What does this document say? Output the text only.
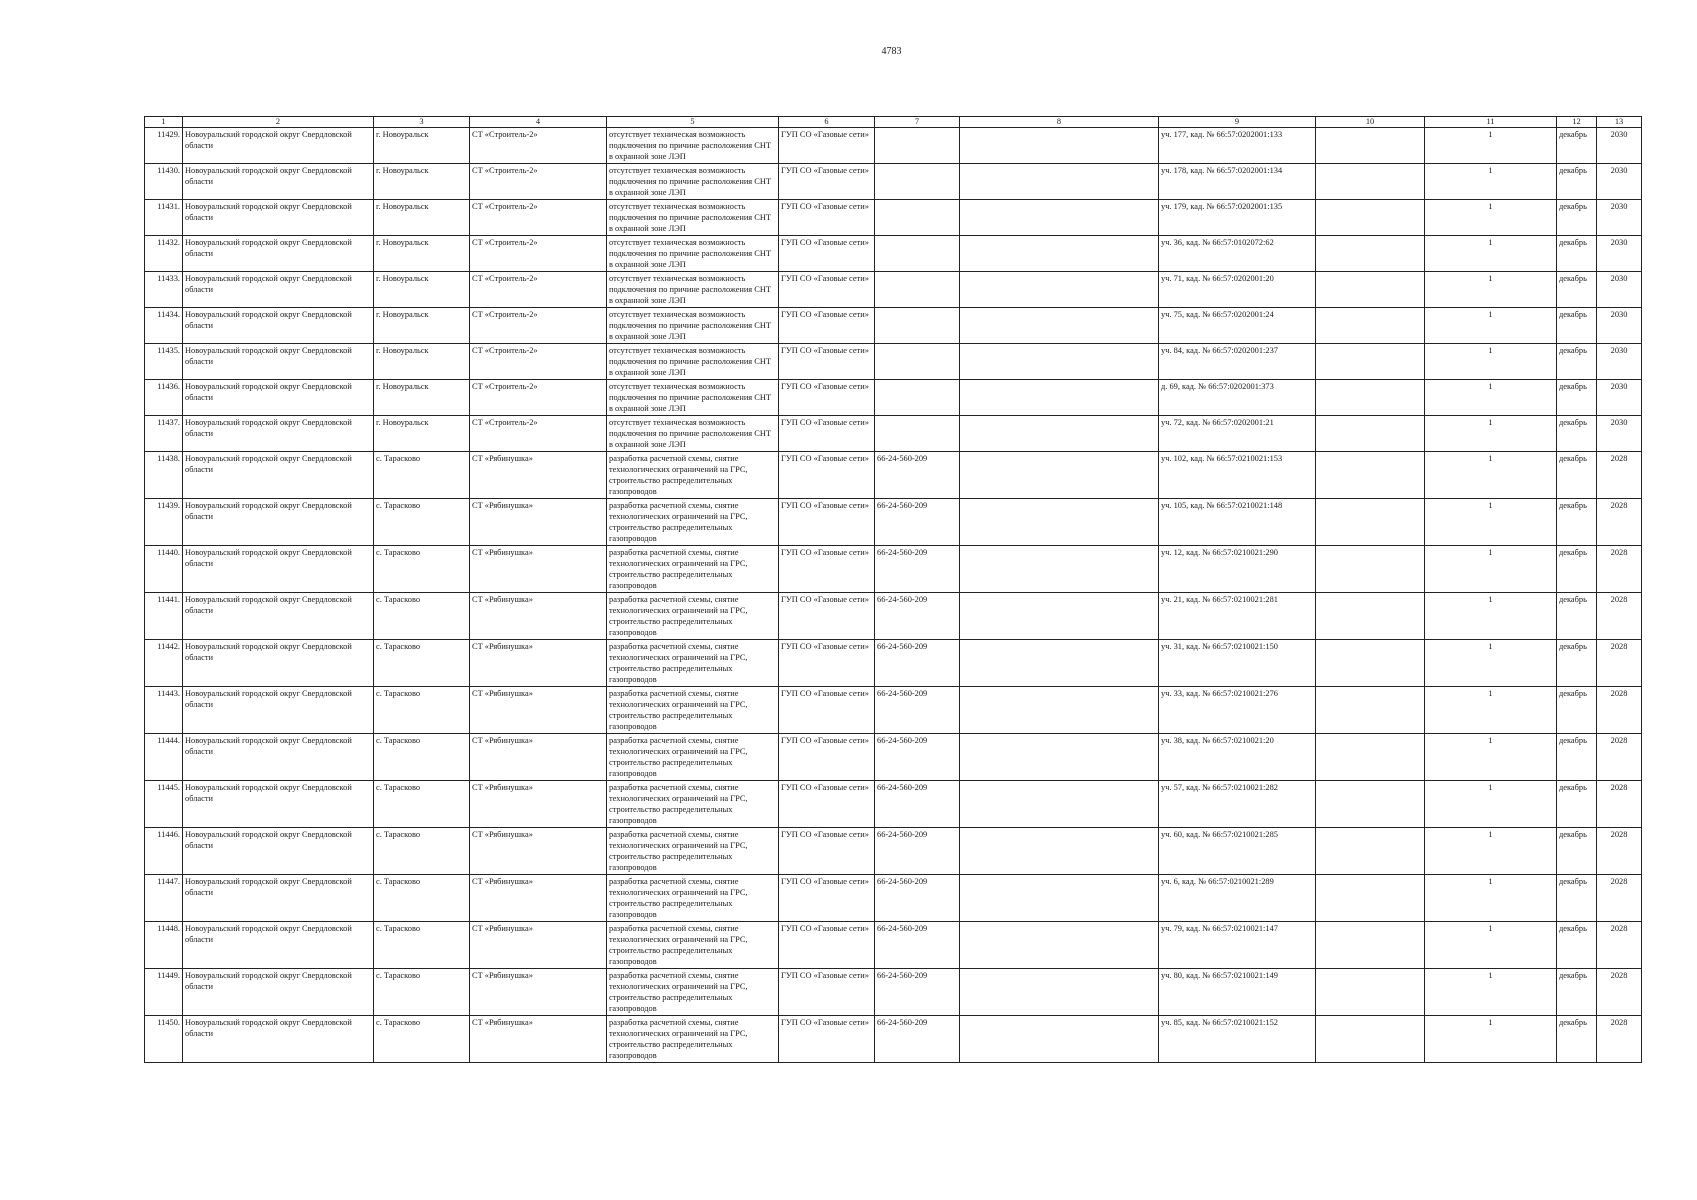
4783
1	2	3	4	5	6	7	8	9	10	11	12	13
11429.	Новоуральский городской округ Свердловской области	г. Новоуральск	СТ «Строитель-2»	отсутствует техническая возможность подключения по причине расположения СНТ в охранной зоне ЛЭП	ГУП СО «Газовые сети»			уч. 177, кад. № 66:57:0202001:133		1	декабрь	2030
11430.	Новоуральский городской округ Свердловской области	г. Новоуральск	СТ «Строитель-2»	отсутствует техническая возможность подключения по причине расположения СНТ в охранной зоне ЛЭП	ГУП СО «Газовые сети»			уч. 178, кад. № 66:57:0202001:134		1	декабрь	2030
11431.	Новоуральский городской округ Свердловской области	г. Новоуральск	СТ «Строитель-2»	отсутствует техническая возможность подключения по причине расположения СНТ в охранной зоне ЛЭП	ГУП СО «Газовые сети»			уч. 179, кад. № 66:57:0202001:135		1	декабрь	2030
11432.	Новоуральский городской округ Свердловской области	г. Новоуральск	СТ «Строитель-2»	отсутствует техническая возможность подключения по причине расположения СНТ в охранной зоне ЛЭП	ГУП СО «Газовые сети»			уч. 36, кад. № 66:57:0102072:62		1	декабрь	2030
11433.	Новоуральский городской округ Свердловской области	г. Новоуральск	СТ «Строитель-2»	отсутствует техническая возможность подключения по причине расположения СНТ в охранной зоне ЛЭП	ГУП СО «Газовые сети»			уч. 71, кад. № 66:57:0202001:20		1	декабрь	2030
11434.	Новоуральский городской округ Свердловской области	г. Новоуральск	СТ «Строитель-2»	отсутствует техническая возможность подключения по причине расположения СНТ в охранной зоне ЛЭП	ГУП СО «Газовые сети»			уч. 75, кад. № 66:57:0202001:24		1	декабрь	2030
11435.	Новоуральский городской округ Свердловской области	г. Новоуральск	СТ «Строитель-2»	отсутствует техническая возможность подключения по причине расположения СНТ в охранной зоне ЛЭП	ГУП СО «Газовые сети»			уч. 84, кад. № 66:57:0202001:237		1	декабрь	2030
11436.	Новоуральский городской округ Свердловской области	г. Новоуральск	СТ «Строитель-2»	отсутствует техническая возможность подключения по причине расположения СНТ в охранной зоне ЛЭП	ГУП СО «Газовые сети»			д. 69, кад. № 66:57:0202001:373		1	декабрь	2030
11437.	Новоуральский городской округ Свердловской области	г. Новоуральск	СТ «Строитель-2»	отсутствует техническая возможность подключения по причине расположения СНТ в охранной зоне ЛЭП	ГУП СО «Газовые сети»			уч. 72, кад. № 66:57:0202001:21		1	декабрь	2030
11438.	Новоуральский городской округ Свердловской области	с. Тарасково	СТ «Рябинушка»	разработка расчетной схемы, снятие технологических ограничений на ГРС, строительство распределительных газопроводов	ГУП СО «Газовые сети»	66-24-560-209		уч. 102, кад. № 66:57:0210021:153		1	декабрь	2028
11439.	Новоуральский городской округ Свердловской области	с. Тарасково	СТ «Рябинушка»	разработка расчетной схемы, снятие технологических ограничений на ГРС, строительство распределительных газопроводов	ГУП СО «Газовые сети»	66-24-560-209		уч. 105, кад. № 66:57:0210021:148		1	декабрь	2028
11440.	Новоуральский городской округ Свердловской области	с. Тарасково	СТ «Рябинушка»	разработка расчетной схемы, снятие технологических ограничений на ГРС, строительство распределительных газопроводов	ГУП СО «Газовые сети»	66-24-560-209		уч. 12, кад. № 66:57:0210021:290		1	декабрь	2028
11441.	Новоуральский городской округ Свердловской области	с. Тарасково	СТ «Рябинушка»	разработка расчетной схемы, снятие технологических ограничений на ГРС, строительство распределительных газопроводов	ГУП СО «Газовые сети»	66-24-560-209		уч. 21, кад. № 66:57:0210021:281		1	декабрь	2028
11442.	Новоуральский городской округ Свердловской области	с. Тарасково	СТ «Рябинушка»	разработка расчетной схемы, снятие технологических ограничений на ГРС, строительство распределительных газопроводов	ГУП СО «Газовые сети»	66-24-560-209		уч. 31, кад. № 66:57:0210021:150		1	декабрь	2028
11443.	Новоуральский городской округ Свердловской области	с. Тарасково	СТ «Рябинушка»	разработка расчетной схемы, снятие технологических ограничений на ГРС, строительство распределительных газопроводов	ГУП СО «Газовые сети»	66-24-560-209		уч. 33, кад. № 66:57:0210021:276		1	декабрь	2028
11444.	Новоуральский городской округ Свердловской области	с. Тарасково	СТ «Рябинушка»	разработка расчетной схемы, снятие технологических ограничений на ГРС, строительство распределительных газопроводов	ГУП СО «Газовые сети»	66-24-560-209		уч. 38, кад. № 66:57:0210021:20		1	декабрь	2028
11445.	Новоуральский городской округ Свердловской области	с. Тарасково	СТ «Рябинушка»	разработка расчетной схемы, снятие технологических ограничений на ГРС, строительство распределительных газопроводов	ГУП СО «Газовые сети»	66-24-560-209		уч. 57, кад. № 66:57:0210021:282		1	декабрь	2028
11446.	Новоуральский городской округ Свердловской области	с. Тарасково	СТ «Рябинушка»	разработка расчетной схемы, снятие технологических ограничений на ГРС, строительство распределительных газопроводов	ГУП СО «Газовые сети»	66-24-560-209		уч. 60, кад. № 66:57:0210021:285		1	декабрь	2028
11447.	Новоуральский городской округ Свердловской области	с. Тарасково	СТ «Рябинушка»	разработка расчетной схемы, снятие технологических ограничений на ГРС, строительство распределительных газопроводов	ГУП СО «Газовые сети»	66-24-560-209		уч. 6, кад. № 66:57:0210021:289		1	декабрь	2028
11448.	Новоуральский городской округ Свердловской области	с. Тарасково	СТ «Рябинушка»	разработка расчетной схемы, снятие технологических ограничений на ГРС, строительство распределительных газопроводов	ГУП СО «Газовые сети»	66-24-560-209		уч. 79, кад. № 66:57:0210021:147		1	декабрь	2028
11449.	Новоуральский городской округ Свердловской области	с. Тарасково	СТ «Рябинушка»	разработка расчетной схемы, снятие технологических ограничений на ГРС, строительство распределительных газопроводов	ГУП СО «Газовые сети»	66-24-560-209		уч. 80, кад. № 66:57:0210021:149		1	декабрь	2028
11450.	Новоуральский городской округ Свердловской области	с. Тарасково	СТ «Рябинушка»	разработка расчетной схемы, снятие технологических ограничений на ГРС, строительство распределительных газопроводов	ГУП СО «Газовые сети»	66-24-560-209		уч. 85, кад. № 66:57:0210021:152		1	декабрь	2028
